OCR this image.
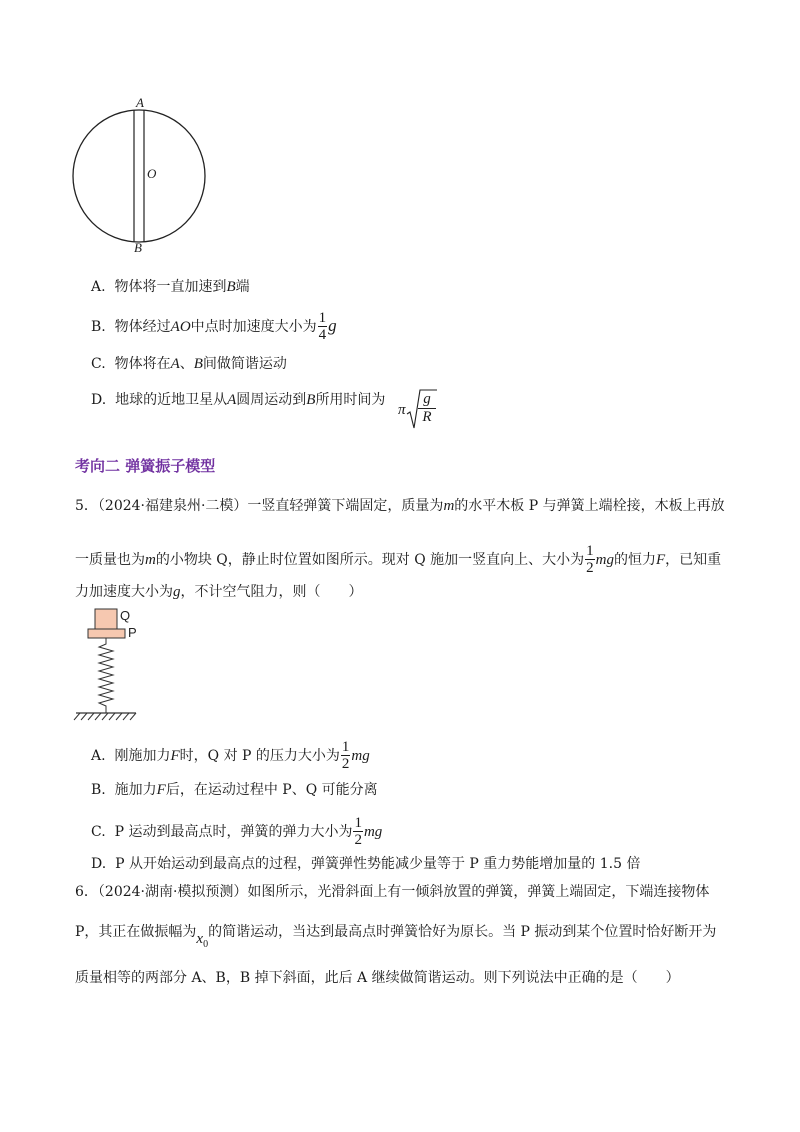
A
O
B
A. 物体将一直加速到B端
B. 物体经过AO中点时加速度大小为 $\frac{1}{4}$ g
C. 物体将在A、B间做简谐运动
D. 地球的近地卫星从A圆周运动到B所用时间为
π $\frac{g}{R}$
考向二 弹簧振子模型
5．（2024·福建泉州·二模）一竖直轻弹簧下端固定，质量为m的水平木板 P 与弹簧上端栓接，木板上再放
一质量也为m的小物块 Q，静止时位置如图所示。现对 Q 施加一竖直向上、大小为 $\frac{1}{2}$ mg的恒力F，已知重
力加速度大小为g，不计空气阻力，则（　　）
Q
P
A. 刚施加力F时，Q 对 P 的压力大小为 $\frac{1}{2}$ mg
B. 施加力F后，在运动过程中 P、Q 可能分离
C. P 运动到最高点时，弹簧的弹力大小为 $\frac{1}{2}$ mg
D. P 从开始运动到最高点的过程，弹簧弹性势能减少量等于 P 重力势能增加量的 1.5 倍
6．（2024·湖南·模拟预测）如图所示，光滑斜面上有一倾斜放置的弹簧，弹簧上端固定，下端连接物体
P，其正在做振幅为$x_0$的简谐运动，当达到最高点时弹簧恰好为原长。当 P 振动到某个位置时恰好断开为
质量相等的两部分 A、B，B 掉下斜面，此后 A 继续做简谐运动。则下列说法中正确的是（　　）
